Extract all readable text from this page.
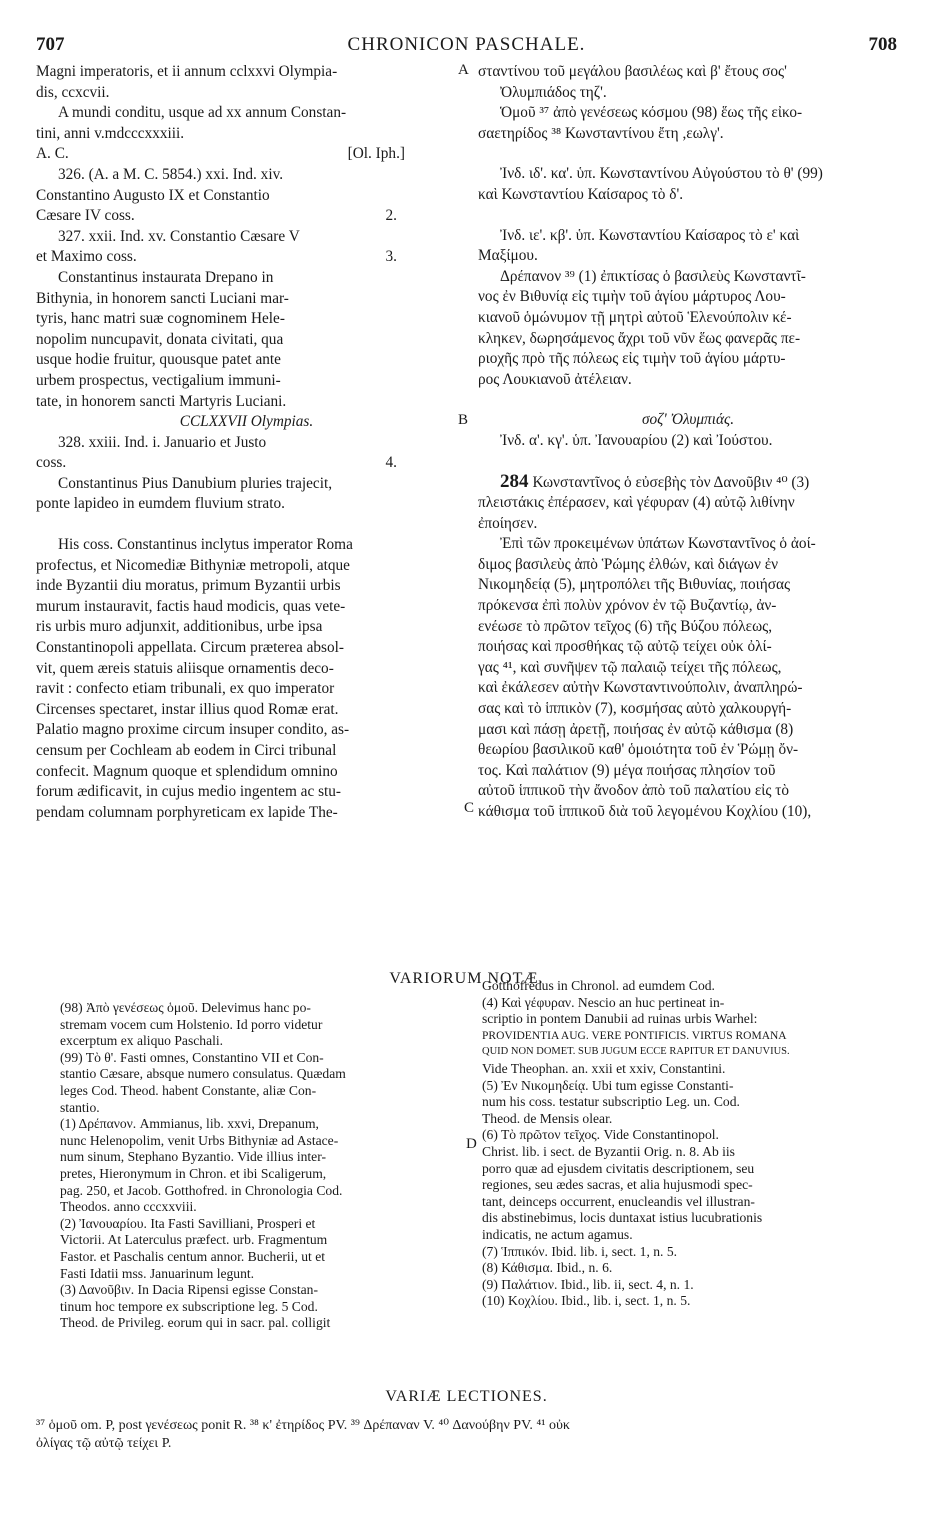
707	CHRONICON PASCHALE.	708
A
B
C
D

Magni imperatoris, et ii annum cclxxvi Olympia-

dis, ccxcvii.

A mundi conditu, usque ad xx annum Constan-

tini, anni v.mdcccxxxiii.

A. C.	[Ol. Iph.]

326. (A. a M. C. 5854.) xxi. Ind. xiv.

Constantino Augusto IX et Constantio

Cæsare IV coss.	2.

327. xxii. Ind. xv. Constantio Cæsare V

et Maximo coss.	3.

Constantinus instaurata Drepano in

Bithynia, in honorem sancti Luciani mar-

tyris, hanc matri suæ cognominem Hele-

nopolim nuncupavit, donata civitati, qua

usque hodie fruitur, quousque patet ante

urbem prospectus, vectigalium immuni-

tate, in honorem sancti Martyris Luciani.

CCLXXVII Olympias.

328. xxiii. Ind. i. Januario et Justo

coss.	4.

Constantinus Pius Danubium pluries trajecit,

ponte lapideo in eumdem fluvium strato.

His coss. Constantinus inclytus imperator Roma

profectus, et Nicomediæ Bithyniæ metropoli, atque

inde Byzantii diu moratus, primum Byzantii urbis

murum instauravit, factis haud modicis, quas vete-

ris urbis muro adjunxit, additionibus, urbe ipsa

Constantinopoli appellata. Circum præterea absol-

vit, quem æreis statuis aliisque ornamentis deco-

ravit : confecto etiam tribunali, ex quo imperator

Circenses spectaret, instar illius quod Romæ erat.

Palatio magno proxime circum insuper condito, as-

censum per Cochleam ab eodem in Circi tribunal

confecit. Magnum quoque et splendidum omnino

forum ædificavit, in cujus medio ingentem ac stu-

pendam columnam porphyreticam ex lapide The-

σταντίνου τοῦ μεγάλου βασιλέως καὶ β' ἔτους σος'

Ὀλυμπιάδος τηζ'.

Ὁμοῦ ³⁷ ἀπὸ γενέσεως κόσμου (98) ἕως τῆς εἰκο-

σαετηρίδος ³⁸ Κωνσταντίνου ἔτη ,εωλγ'.

Ἰνδ. ιδ'. κα'. ὑπ. Κωνσταντίνου Αὐγούστου τὸ θ' (99)

καὶ Κωνσταντίου Καίσαρος τὸ δ'.

Ἰνδ. ιε'. κβ'. ὑπ. Κωνσταντίου Καίσαρος τὸ ε' καὶ

Μαξίμου.

Δρέπανον ³⁹ (1) ἐπικτίσας ὁ βασιλεὺς Κωνσταντῖ-

νος ἐν Βιθυνίᾳ εἰς τιμὴν τοῦ ἁγίου μάρτυρος Λου-

κιανοῦ ὁμώνυμον τῇ μητρὶ αὐτοῦ Ἑλενούπολιν κέ-

κληκεν, δωρησάμενος ἄχρι τοῦ νῦν ἕως φανερᾶς πε-

ριοχῆς πρὸ τῆς πόλεως εἰς τιμὴν τοῦ ἁγίου μάρτυ-

ρος Λουκιανοῦ ἀτέλειαν.

σοζ' Ὀλυμπιάς.

Ἰνδ. α'. κγ'. ὑπ. Ἰανουαρίου (2) καὶ Ἰούστου.

284 Κωνσταντῖνος ὁ εὐσεβὴς τὸν Δανοῦβιν ⁴⁰ (3)

πλειστάκις ἐπέρασεν, καὶ γέφυραν (4) αὐτῷ λιθίνην

ἐποίησεν.

Ἐπὶ τῶν προκειμένων ὑπάτων Κωνσταντῖνος ὁ ἀοί-

διμος βασιλεὺς ἀπὸ Ῥώμης ἐλθών, καὶ διάγων ἐν

Νικομηδείᾳ (5), μητροπόλει τῆς Βιθυνίας, ποιήσας

πρόκενσα ἐπὶ πολὺν χρόνον ἐν τῷ Βυζαντίῳ, ἀν-

ενέωσε τὸ πρῶτον τεῖχος (6) τῆς Βύζου πόλεως,

ποιήσας καὶ προσθήκας τῷ αὐτῷ τείχει οὐκ ὀλί-

γας ⁴¹, καὶ συνῆψεν τῷ παλαιῷ τείχει τῆς πόλεως,

καὶ ἐκάλεσεν αὐτὴν Κωνσταντινούπολιν, ἀναπληρώ-

σας καὶ τὸ ἱππικὸν (7), κοσμήσας αὐτὸ χαλκουργή-

μασι καὶ πάσῃ ἀρετῇ, ποιήσας ἐν αὐτῷ κάθισμα (8)

θεωρίου βασιλικοῦ καθ' ὁμοιότητα τοῦ ἐν Ῥώμῃ ὄν-

τος. Καὶ παλάτιον (9) μέγα ποιήσας πλησίον τοῦ

αὐτοῦ ἱππικοῦ τὴν ἄνοδον ἀπὸ τοῦ παλατίου εἰς τὸ

κάθισμα τοῦ ἱππικοῦ διὰ τοῦ λεγομένου Κοχλίου (10),

VARIORUM NOTÆ.

(98) Ἀπὸ γενέσεως ὁμοῦ. Delevimus hanc po-

stremam vocem cum Holstenio. Id porro videtur

excerptum ex aliquo Paschali.

(99) Τὸ θ'. Fasti omnes, Constantino VII et Con-

stantio Cæsare, absque numero consulatus. Quædam

leges Cod. Theod. habent Constante, aliæ Con-

stantio.

(1) Δρέπανον. Ammianus, lib. xxvi, Drepanum,

nunc Helenopolim, venit Urbs Bithyniæ ad Astace-

num sinum, Stephano Byzantio. Vide illius inter-

pretes, Hieronymum in Chron. et ibi Scaligerum,

pag. 250, et Jacob. Gotthofred. in Chronologia Cod.

Theodos. anno cccxxviii.

(2) Ἰανουαρίου. Ita Fasti Savilliani, Prosperi et

Victorii. At Laterculus præfect. urb. Fragmentum

Fastor. et Paschalis centum annor. Bucherii, ut et

Fasti Idatii mss. Januarinum legunt.

(3) Δανοῦβιν. In Dacia Ripensi egisse Constan-

tinum hoc tempore ex subscriptione leg. 5 Cod.

Theod. de Privileg. eorum qui in sacr. pal. colligit

Gotthofredus in Chronol. ad eumdem Cod.

(4) Καὶ γέφυραν. Nescio an huc pertineat in-

scriptio in pontem Danubii ad ruinas urbis Warhel:

PROVIDENTIA AUG. VERE PONTIFICIS. VIRTUS ROMANA

QUID NON DOMET. SUB JUGUM ECCE RAPITUR ET DANUVIUS.

Vide Theophan. an. xxii et xxiv, Constantini.

(5) Ἐν Νικομηδείᾳ. Ubi tum egisse Constanti-

num his coss. testatur subscriptio Leg. un. Cod.

Theod. de Mensis olear.

(6) Τὸ πρῶτον τεῖχος. Vide Constantinopol.

Christ. lib. i sect. de Byzantii Orig. n. 8. Ab iis

porro quæ ad ejusdem civitatis descriptionem, seu

regiones, seu ædes sacras, et alia hujusmodi spec-

tant, deinceps occurrent, enucleandis vel illustran-

dis abstinebimus, locis duntaxat istius lucubrationis

indicatis, ne actum agamus.

(7) Ἱππικόν. Ibid. lib. i, sect. 1, n. 5.

(8) Κάθισμα. Ibid., n. 6.

(9) Παλάτιον. Ibid., lib. ii, sect. 4, n. 1.

(10) Κοχλίου. Ibid., lib. i, sect. 1, n. 5.

VARIÆ LECTIONES.

³⁷ ὁμοῦ om. P, post γενέσεως ponit R. ³⁸ κ' ἐτηρίδος PV. ³⁹ Δρέπαναν V. ⁴⁰ Δανούβην PV. ⁴¹ οὐκ

ὀλίγας τῷ αὐτῷ τείχει P.
